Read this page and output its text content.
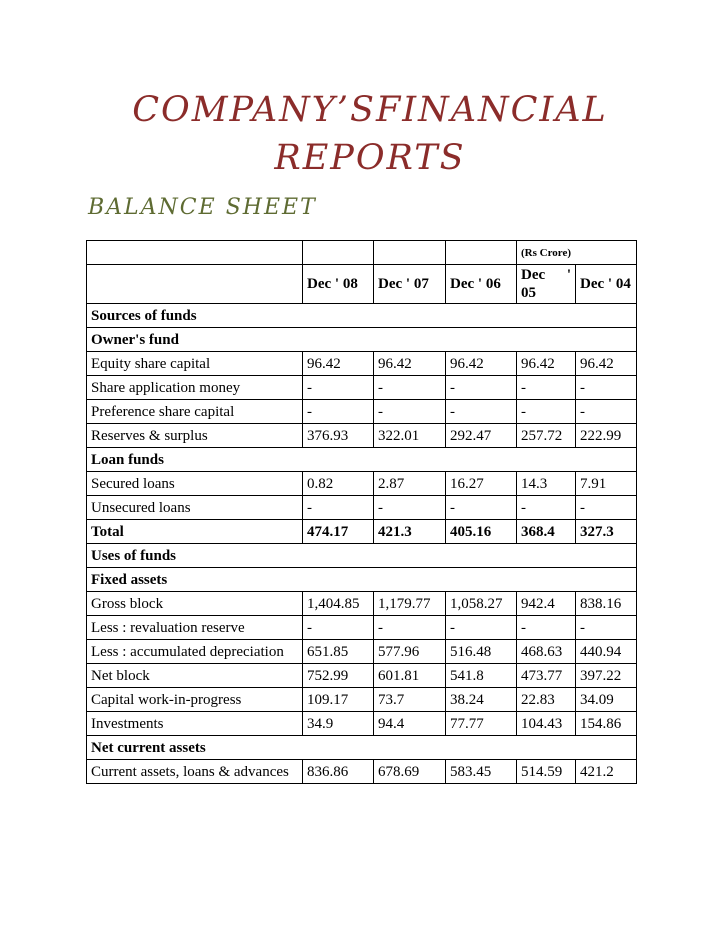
COMPANY’SFINANCIAL
REPORTS
BALANCE SHEET
				(Rs Crore)	
	Dec ' 08	Dec ' 07	Dec ' 06	Dec ' 05	Dec ' 04
Sources of funds					
Owner's fund					
Equity share capital	96.42	96.42	96.42	96.42	96.42
Share application money	-	-	-	-	-
Preference share capital	-	-	-	-	-
Reserves & surplus	376.93	322.01	292.47	257.72	222.99
Loan funds					
Secured loans	0.82	2.87	16.27	14.3	7.91
Unsecured loans	-	-	-	-	-
Total	474.17	421.3	405.16	368.4	327.3
Uses of funds					
Fixed assets					
Gross block	1,404.85	1,179.77	1,058.27	942.4	838.16
Less : revaluation reserve	-	-	-	-	-
Less : accumulated depreciation	651.85	577.96	516.48	468.63	440.94
Net block	752.99	601.81	541.8	473.77	397.22
Capital work-in-progress	109.17	73.7	38.24	22.83	34.09
Investments	34.9	94.4	77.77	104.43	154.86
Net current assets					
Current assets, loans & advances	836.86	678.69	583.45	514.59	421.2
